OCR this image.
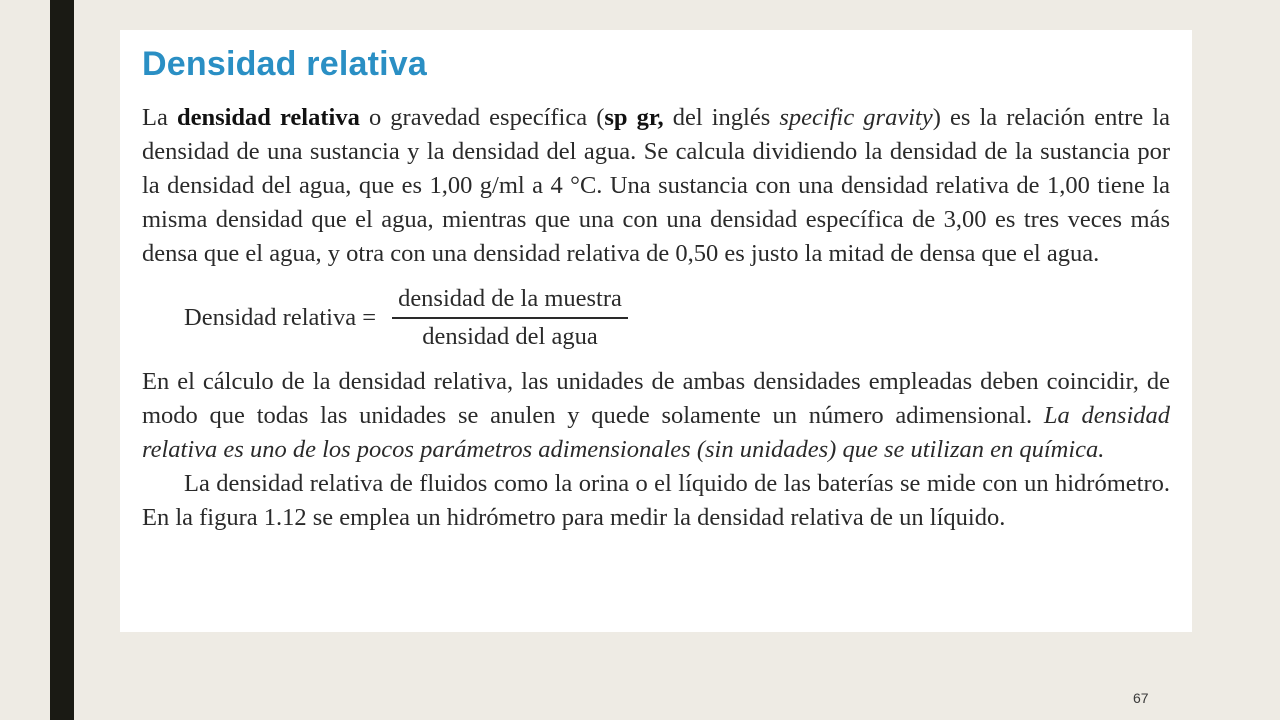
Densidad relativa

La densidad relativa o gravedad específica (sp gr, del inglés specific gravity) es la relación entre la densidad de una sustancia y la densidad del agua. Se calcula dividiendo la densidad de la sustancia por la densidad del agua, que es 1,00 g/ml a 4 °C. Una sustancia con una densidad relativa de 1,00 tiene la misma densidad que el agua, mientras que una con una densidad específica de 3,00 es tres veces más densa que el agua, y otra con una densidad relativa de 0,50 es justo la mitad de densa que el agua.

Densidad relativa = $\frac{\text{densidad de la muestra}}{\text{densidad del agua}}$

En el cálculo de la densidad relativa, las unidades de ambas densidades empleadas deben coincidir, de modo que todas las unidades se anulen y quede solamente un número adimensional. La densidad relativa es uno de los pocos parámetros adimensionales (sin unidades) que se utilizan en química.

La densidad relativa de fluidos como la orina o el líquido de las baterías se mide con un hidrómetro. En la figura 1.12 se emplea un hidrómetro para medir la densidad relativa de un líquido.

67
